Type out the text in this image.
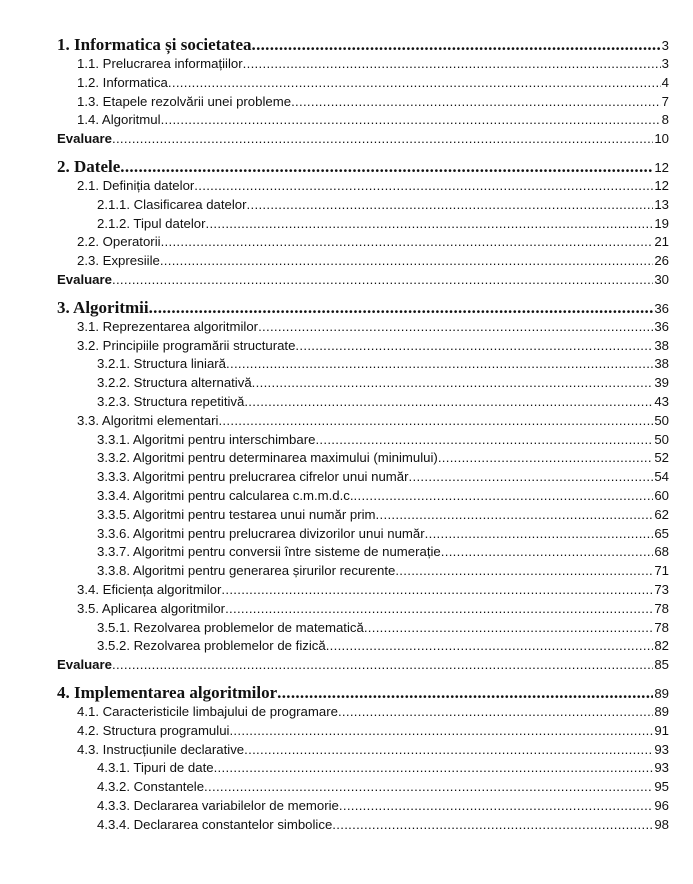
1. Informatica și societatea .....	3
1.1. Prelucrarea informațiilor .....	3
1.2. Informatica .....	4
1.3. Etapele rezolvării unei probleme .....	7
1.4. Algoritmul .....	8
Evaluare .....	10
2. Datele .....	12
2.1. Definiția datelor .....	12
2.1.1. Clasificarea datelor .....	13
2.1.2. Tipul datelor .....	19
2.2. Operatorii .....	21
2.3. Expresiile .....	26
Evaluare .....	30
3. Algoritmii .....	36
3.1. Reprezentarea algoritmilor .....	36
3.2. Principiile programării structurate .....	38
3.2.1. Structura liniară .....	38
3.2.2. Structura alternativă .....	39
3.2.3. Structura repetitivă .....	43
3.3. Algoritmi elementari .....	50
3.3.1. Algoritmi pentru interschimbare .....	50
3.3.2. Algoritmi pentru determinarea maximului (minimului) .....	52
3.3.3. Algoritmi pentru prelucrarea cifrelor unui număr .....	54
3.3.4. Algoritmi pentru calcularea c.m.m.d.c. .....	60
3.3.5. Algoritmi pentru testarea unui număr prim .....	62
3.3.6. Algoritmi pentru prelucrarea divizorilor unui număr .....	65
3.3.7. Algoritmi pentru conversii între sisteme de numerație .....	68
3.3.8. Algoritmi pentru generarea șirurilor recurente .....	71
3.4. Eficiența algoritmilor .....	73
3.5. Aplicarea algoritmilor .....	78
3.5.1. Rezolvarea problemelor de matematică .....	78
3.5.2. Rezolvarea problemelor de fizică .....	82
Evaluare .....	85
4. Implementarea algoritmilor .....	89
4.1. Caracteristicile limbajului de programare .....	89
4.2. Structura programului .....	91
4.3. Instrucțiunile declarative .....	93
4.3.1. Tipuri de date .....	93
4.3.2. Constantele .....	95
4.3.3. Declararea variabilelor de memorie .....	96
4.3.4. Declararea constantelor simbolice .....	98
